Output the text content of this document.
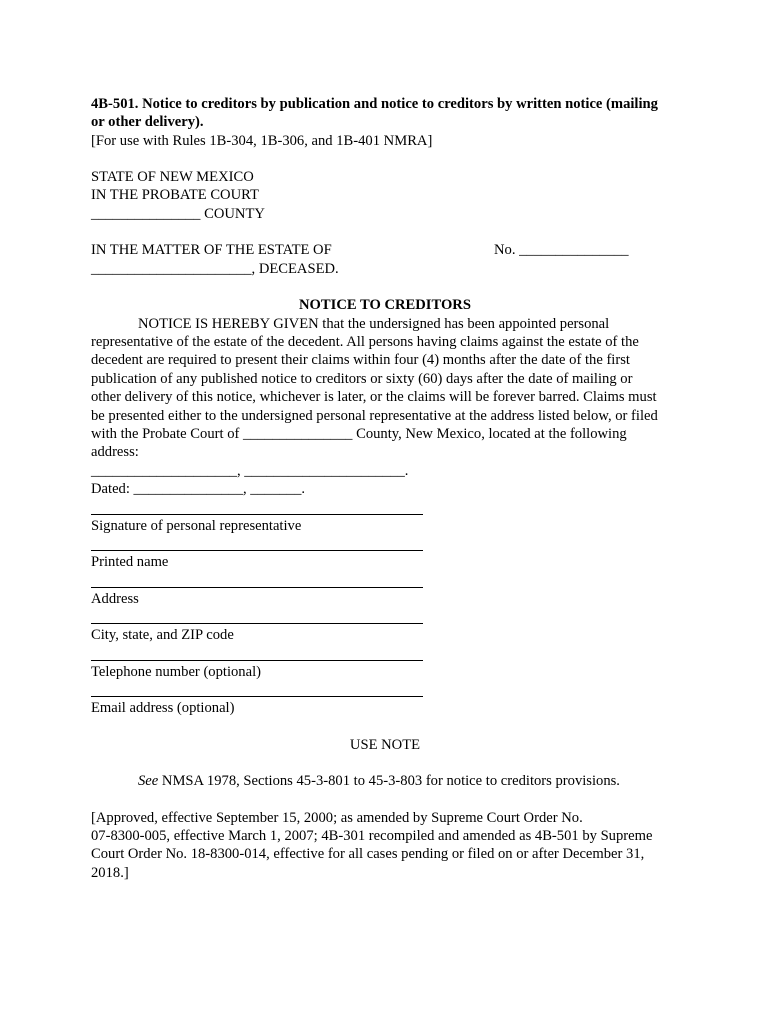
4B-501. Notice to creditors by publication and notice to creditors by written notice (mailing
or other delivery).
[For use with Rules 1B-304, 1B-306, and 1B-401 NMRA]
STATE OF NEW MEXICO
IN THE PROBATE COURT
_______________ COUNTY
IN THE MATTER OF THE ESTATE OF	No. _______________
______________________, DECEASED.
NOTICE TO CREDITORS
NOTICE IS HEREBY GIVEN that the undersigned has been appointed personal
representative of the estate of the decedent. All persons having claims against the estate of the
decedent are required to present their claims within four (4) months after the date of the first
publication of any published notice to creditors or sixty (60) days after the date of mailing or
other delivery of this notice, whichever is later, or the claims will be forever barred. Claims must
be presented either to the undersigned personal representative at the address listed below, or filed
with the Probate Court of _______________ County, New Mexico, located at the following
address:
____________________, ______________________.
Dated: _______________, _______.
Signature of personal representative
Printed name
Address
City, state, and ZIP code
Telephone number (optional)
Email address (optional)
USE NOTE
See NMSA 1978, Sections 45-3-801 to 45-3-803 for notice to creditors provisions.
[Approved, effective September 15, 2000; as amended by Supreme Court Order No.
07-8300-005, effective March 1, 2007; 4B-301 recompiled and amended as 4B-501 by Supreme
Court Order No. 18-8300-014, effective for all cases pending or filed on or after December 31,
2018.]
